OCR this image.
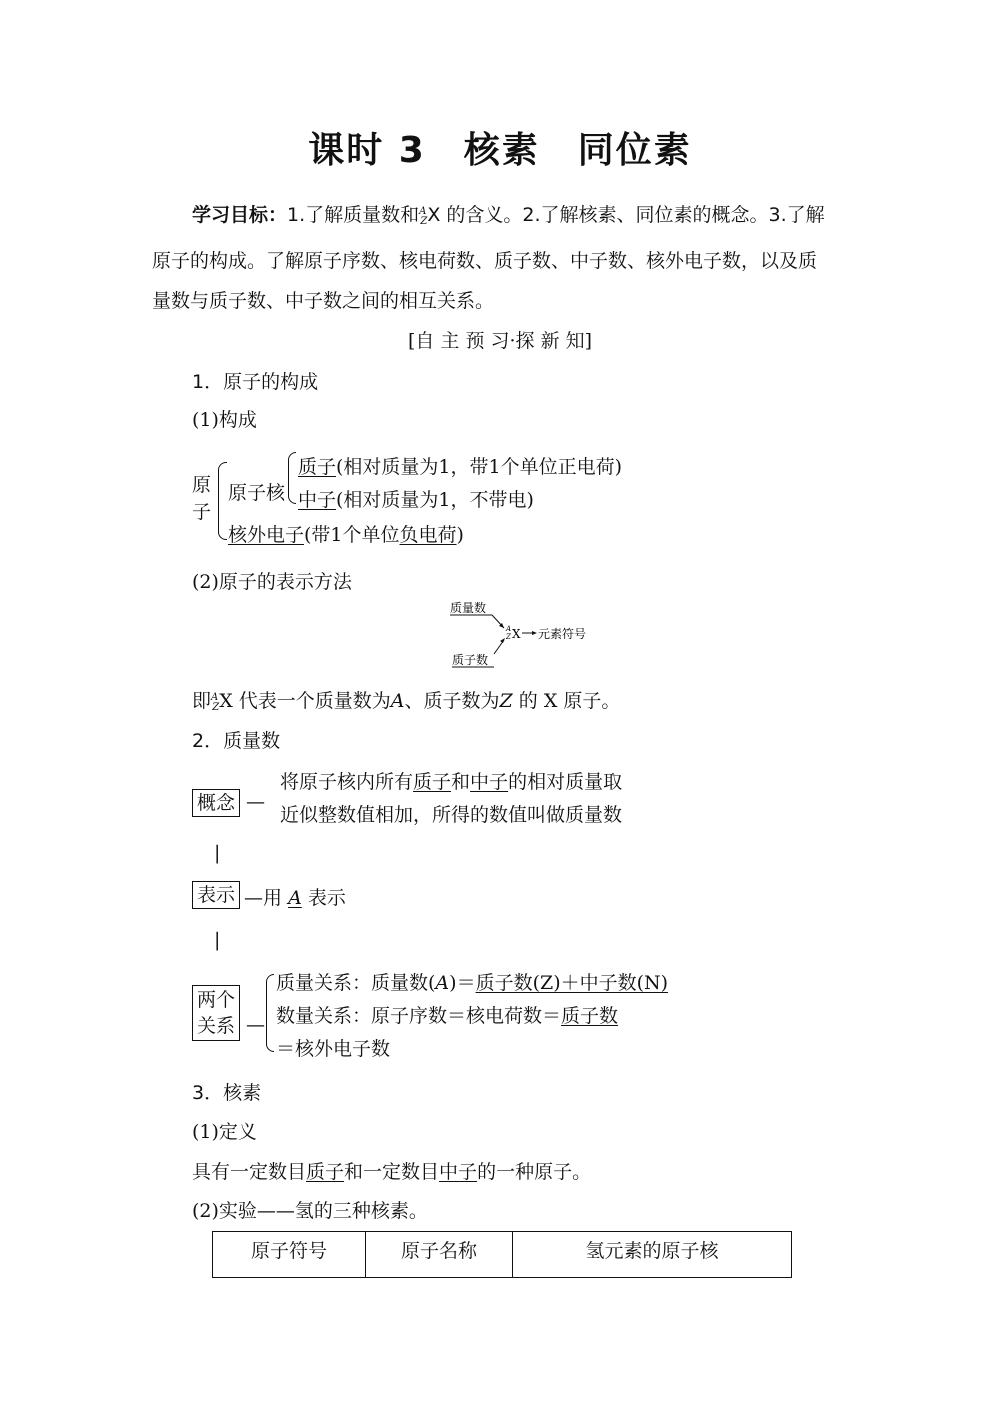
课时 3　核素　同位素
学习目标：1.了解质量数和$^A$ZX 的含义。2.了解核素、同位素的概念。3.了解
原子的构成。了解原子序数、核电荷数、质子数、中子数、核外电子数，以及质
量数与质子数、中子数之间的相互关系。
[自 主 预 习·探 新 知]
1．原子的构成
(1)构成
原
子
原子核
质子(相对质量为1，带1个单位正电荷)
中子(相对质量为1，不带电)
核外电子(带1个单位负电荷)
(2)原子的表示方法
质量数
A
Z X 元素符号
质子数
即$^A$ZX 代表一个质量数为A、质子数为Z 的 X 原子。
2．质量数
概念 —
将原子核内所有质子和中子的相对质量取
近似整数值相加，所得的数值叫做质量数
|
表示 —用 A 表示
|
两个
关系 —
质量关系：质量数(A)＝质子数(Z)＋中子数(N)
数量关系：原子序数＝核电荷数＝质子数
＝核外电子数
3．核素
(1)定义
具有一定数目质子和一定数目中子的一种原子。
(2)实验——氢的三种核素。
原子符号	原子名称	氢元素的原子核
